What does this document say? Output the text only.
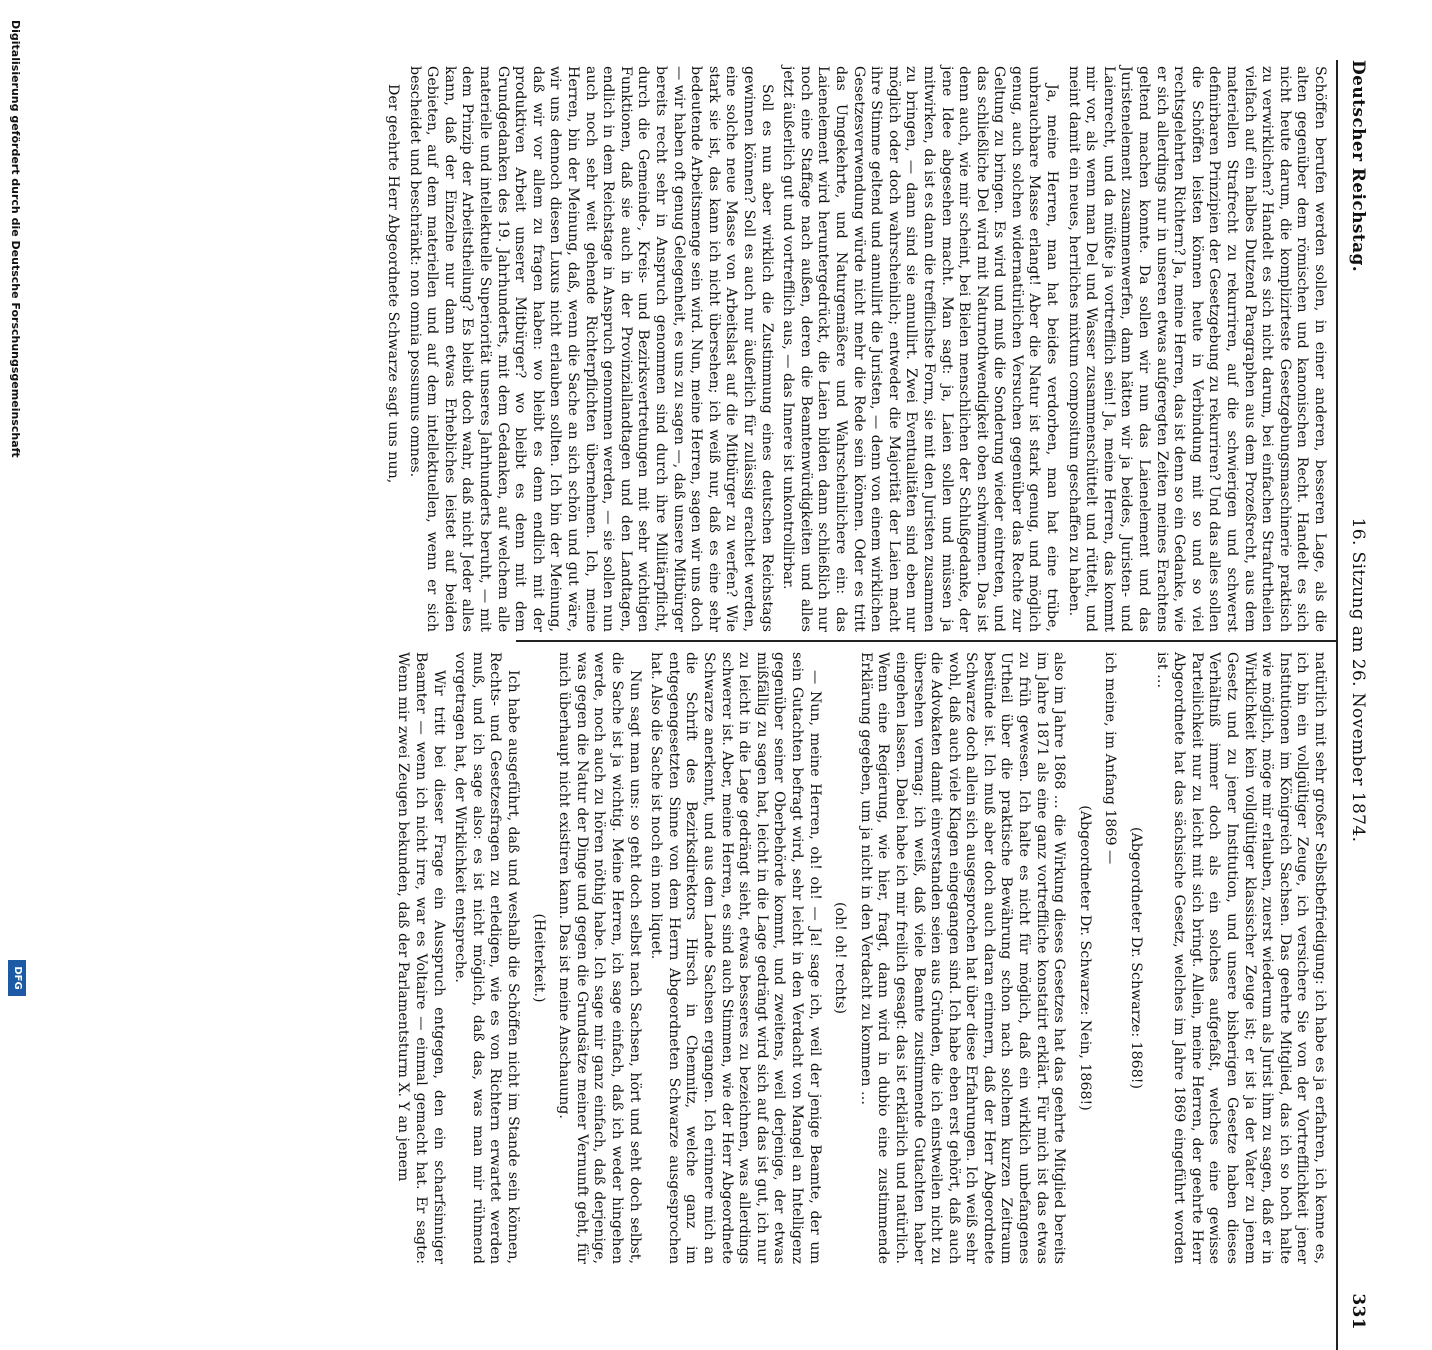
Deutscher Reichstag.
16. Sitzung am 26. November 1874.
331

Schöffen berufen werden sollen, in einer anderen, besseren Lage, als die alten gegenüber dem römischen und kanonischen Recht. Handelt es sich nicht heute darum, die komplizirteste Gesetzgebungsmaschinerie praktisch zu verwirklichen? Handelt es sich nicht darum, bei einfachen Strafurtheilen vielfach auf ein halbes Dutzend Paragraphen aus dem Prozeßrecht, aus dem materiellen Strafrecht zu rekurriren, auf die schwierigen und schwerst definirbaren Prinzipien der Gesetzgebung zu rekurriren? Und das alles sollen die Schöffen leisten können heute in Verbindung mit so und so viel rechtsgelehrten Richtern? Ja, meine Herren, das ist denn so ein Gedanke, wie er sich allerdings nur in unseren etwas aufgeregten Zeiten meines Erachtens geltend machen konnte. Da sollen wir nun das Laienelement und das Juristenelement zusammenwerfen, dann hätten wir ja beides, Juristen- und Laienrecht, und da müßte ja vortrefflich sein! Ja, meine Herren, das kommt mir vor, als wenn man Del und Wasser zusammenschüttelt und rüttelt, und meint damit ein neues, herrliches mixtum compositum geschaffen zu haben.

Ja, meine Herren, man hat beides verdorben, man hat eine trübe, unbrauchbare Masse erlangt! Aber die Natur ist stark genug, und möglich genug, auch solchen widernatürlichen Versuchen gegenüber das Rechte zur Geltung zu bringen. Es wird und muß die Sonderung wieder eintreten, und das schließliche Del wird mit Naturnothwendigkeit oben schwimmen. Das ist denn auch, wie mir scheint, bei Bielen menschlichen der Schlußgedanke, der jene Idee abgesehen macht. Man sagt: ja, Laien sollen und müssen ja mitwirken, da ist es dann die trefflichste Form, sie mit den Juristen zusammen zu bringen, — dann sind sie annullirt. Zwei Eventualitäten sind eben nur möglich oder doch wahrscheinlich; entweder die Majorität der Laien macht ihre Stimme geltend und annullirt die Juristen, — denn von einem wirklichen Gesetzesverwendung würde nicht mehr die Rede sein können. Oder es tritt das Umgekehrte, und Naturgemäßere und Wahrscheinlichere ein: das Laienelement wird heruntergedrückt, die Laien bilden dann schließlich nur noch eine Staffage nach außen, deren die Beamtenwürdigkeiten und alles jetzt äußerlich gut und vortrefflich aus, — das Innere ist unkontrollirbar.

Soll es nun aber wirklich die Zustimmung eines deutschen Reichstags gewinnen können? Soll es auch nur äußerlich für zulässig erachtet werden, eine solche neue Masse von Arbeitslast auf die Mitbürger zu werfen? Wie stark sie ist, das kann ich nicht übersehen; ich weiß nur, daß es eine sehr bedeutende Arbeitsmenge sein wird. Nun, meine Herren, sagen wir uns doch — wir haben oft genug Gelegenheit, es uns zu sagen —, daß unsere Mitbürger bereits recht sehr in Anspruch genommen sind durch ihre Militärpflicht, durch die Gemeinde-, Kreis- und Bezirksvertretungen mit sehr wichtigen Funktionen, daß sie auch in der Provinziallandtagen und den Landtagen, endlich in dem Reichstage in Anspruch genommen werden, — sie sollen nun auch noch sehr weit gehende Richterpflichten übernehmen. Ich, meine Herren, bin der Meinung, daß, wenn die Sache an sich schön und gut wäre, wir uns dennoch diesen Luxus nicht erlauben sollten. Ich bin der Meinung, daß wir vor allem zu fragen haben: wo bleibt es denn endlich mit der produktiven Arbeit unserer Mitbürger? wo bleibt es denn mit dem Grundgedanken des 19. Jahrhunderts, mit dem Gedanken, auf welchem alle materielle und intellektuelle Superiorität unseres Jahrhunderts beruht, — mit dem Prinzip der Arbeitstheilung? Es bleibt doch wahr, daß nicht Jeder alles kann, daß der Einzelne nur dann etwas Erhebliches leistet auf beiden Gebieten, auf dem materiellen und auf dem intellektuellen, wenn er sich bescheidet und beschränkt: non omnia possumus omnes.

Der geehrte Herr Abgeordnete Schwarze sagt uns nun,

natürlich mit sehr großer Selbstbefriedigung: ich habe es ja erfahren, ich kenne es, ich bin ein vollgültiger Zeuge, ich versichere Sie von der Vortrefflichkeit jener Institutionen im Königreich Sachsen. Das geehrte Mitglied, das ich so hoch halte wie möglich, möge mir erlauben, zuerst wiederum als Jurist ihm zu sagen, daß er in Wirklichkeit kein vollgültiger klassischer Zeuge ist; er ist ja der Vater zu jenem Gesetz und zu jener Institution, und unsere bisherigen Gesetze haben dieses Verhältniß immer doch als ein solches aufgefaßt, welches eine gewisse Parteilichkeit nur zu leicht mit sich bringt. Allein, meine Herren, der geehrte Herr Abgeordnete hat das sächsische Gesetz, welches im Jahre 1869 eingeführt worden ist …

(Abgeordneter Dr. Schwarze: 1868!)

ich meine, im Anfang 1869 —

(Abgeordneter Dr. Schwarze: Nein, 1868!)

also im Jahre 1868 … die Wirkung dieses Gesetzes hat das geehrte Mitglied bereits im Jahre 1871 als eine ganz vortreffliche konstatirt erklärt. Für mich ist das etwas zu früh gewesen. Ich halte es nicht für möglich, daß ein wirklich unbefangenes Urtheil über die praktische Bewährung schon nach solchem kurzen Zeitraum bestünde ist. Ich muß aber doch auch daran erinnern, daß der Herr Abgeordnete Schwarze doch allein sich ausgesprochen hat über diese Erfahrungen. Ich weiß sehr wohl, daß auch viele Klagen eingegangen sind. Ich habe eben erst gehört, daß auch die Advokaten damit einverstanden seien aus Gründen, die ich einstweilen nicht zu übersehen vermag; ich weiß, daß viele Beamte zustimmende Gutachten haber eingehen lassen. Dabei habe ich mir freilich gesagt: das ist erklärlich und natürlich. Wenn eine Regierung, wie hier, fragt, dann wird in dubio eine zustimmende Erklärung gegeben, um ja nicht in den Verdacht zu kommen …

(oh! oh! rechts)

— Nun, meine Herren, oh! oh! — Ja! sage ich, weil der jenige Beamte, der um sein Gutachten befragt wird, sehr leicht in den Verdacht von Mangel an Intelligenz gegenüber seiner Oberbehörde kommt, und zweitens, weil derjenige, der etwas mißfällig zu sagen hat, leicht in die Lage gedrängt wird sich auf das ist gut, ich nur zu leicht in die Lage gedrängt sieht, etwas besseres zu bezeichnen, was allerdings schwerer ist. Aber, meine Herren, es sind auch Stimmen, wie der Herr Abgeordnete Schwarze anerkennt, und aus dem Lande Sachsen ergangen. Ich erinnere mich an die Schrift des Bezirksdirektors Hirsch in Chemnitz, welche ganz im entgegengesetzten Sinne von dem Herrn Abgeordneten Schwarze ausgesprochen hat. Also die Sache ist noch ein non liquet.

Nun sagt man uns: so geht doch selbst nach Sachsen, hört und seht doch selbst, die Sache ist ja wichtig. Meine Herren, ich sage einfach, daß ich weder hingehen werde, noch auch zu hören nöthig habe. Ich sage mir ganz einfach, daß derjenige, was gegen die Natur der Dinge und gegen die Grundsätze meiner Vernunft geht, für mich überhaupt nicht existiren kann. Das ist meine Anschauung.

(Heiterkeit.)

Ich habe ausgeführt, daß und weshalb die Schöffen nicht im Stande sein können, Rechts- und Gesetzesfragen zu erledigen, wie es von Richtern erwartet werden muß, und ich sage also: es ist nicht möglich, daß das, was man mir rühmend vorgetragen hat, der Wirklichkeit entspreche.

Wir tritt bei dieser Frage ein Ausspruch entgegen, den ein scharfsinniger Beamter — wenn ich nicht irre, war es Voltaire — einmal gemacht hat. Er sagte: Wenn mir zwei Zeugen bekunden, daß der Parlamentsturm X. Y an jenem

Digitalisierung gefördert durch die Deutsche Forschungsgemeinschaft
DFG
